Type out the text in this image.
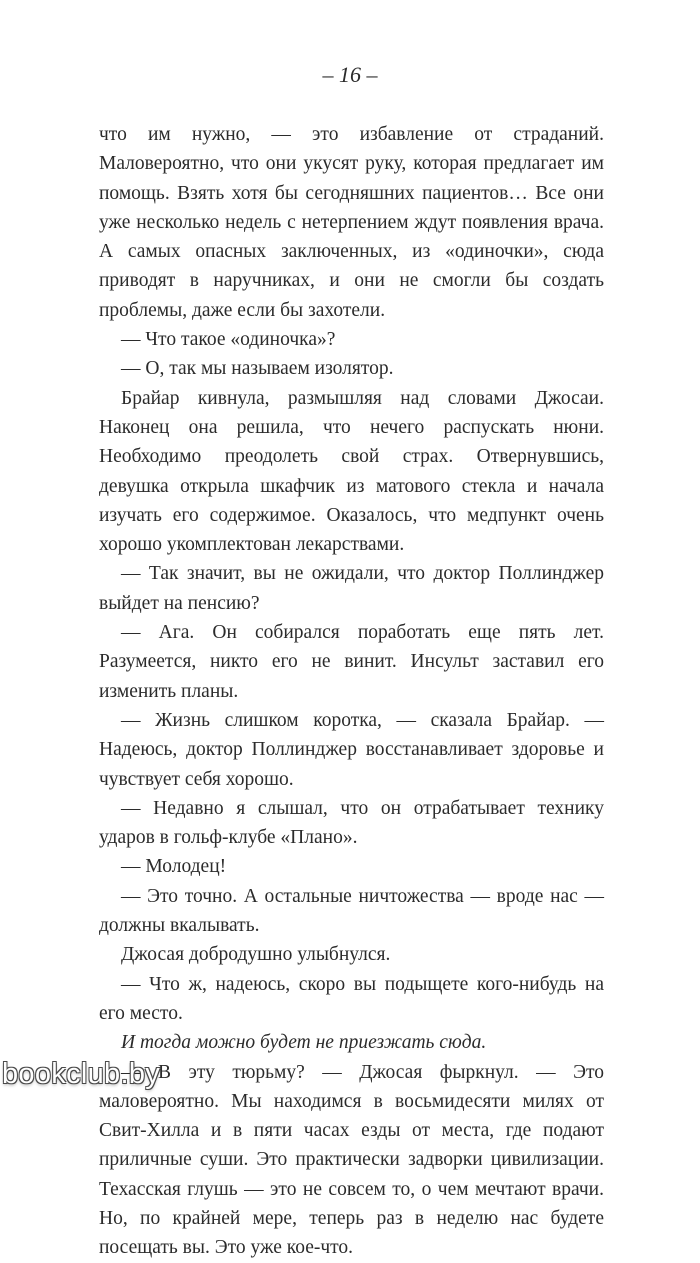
– 16 –

что им нужно, — это избавление от страданий. Маловероятно, что они укусят руку, которая предлагает им помощь. Взять хотя бы сегодняшних пациентов… Все они уже несколько недель с нетерпением ждут появления врача. А самых опасных заключенных, из «одиночки», сюда приводят в наручниках, и они не смогли бы создать проблемы, даже если бы захотели.

— Что такое «одиночка»?

— О, так мы называем изолятор.

Брайар кивнула, размышляя над словами Джосаи. Наконец она решила, что нечего распускать нюни. Необходимо преодолеть свой страх. Отвернувшись, девушка открыла шкафчик из матового стекла и начала изучать его содержимое. Оказалось, что медпункт очень хорошо укомплектован лекарствами.

— Так значит, вы не ожидали, что доктор Поллинджер выйдет на пенсию?

— Ага. Он собирался поработать еще пять лет. Разумеется, никто его не винит. Инсульт заставил его изменить планы.

— Жизнь слишком коротка, — сказала Брайар. — Надеюсь, доктор Поллинджер восстанавливает здоровье и чувствует себя хорошо.

— Недавно я слышал, что он отрабатывает технику ударов в гольф-клубе «Плано».

— Молодец!

— Это точно. А остальные ничтожества — вроде нас — должны вкалывать.

Джосая добродушно улыбнулся.

— Что ж, надеюсь, скоро вы подыщете кого-нибудь на его место.

И тогда можно будет не приезжать сюда.

— В эту тюрьму? — Джосая фыркнул. — Это маловероятно. Мы находимся в восьмидесяти милях от Свит-Хилла и в пяти часах езды от места, где подают приличные суши. Это практически задворки цивилизации. Техасская глушь — это не совсем то, о чем мечтают врачи. Но, по крайней мере, теперь раз в неделю нас будете посещать вы. Это уже кое-что.

bookclub.by
